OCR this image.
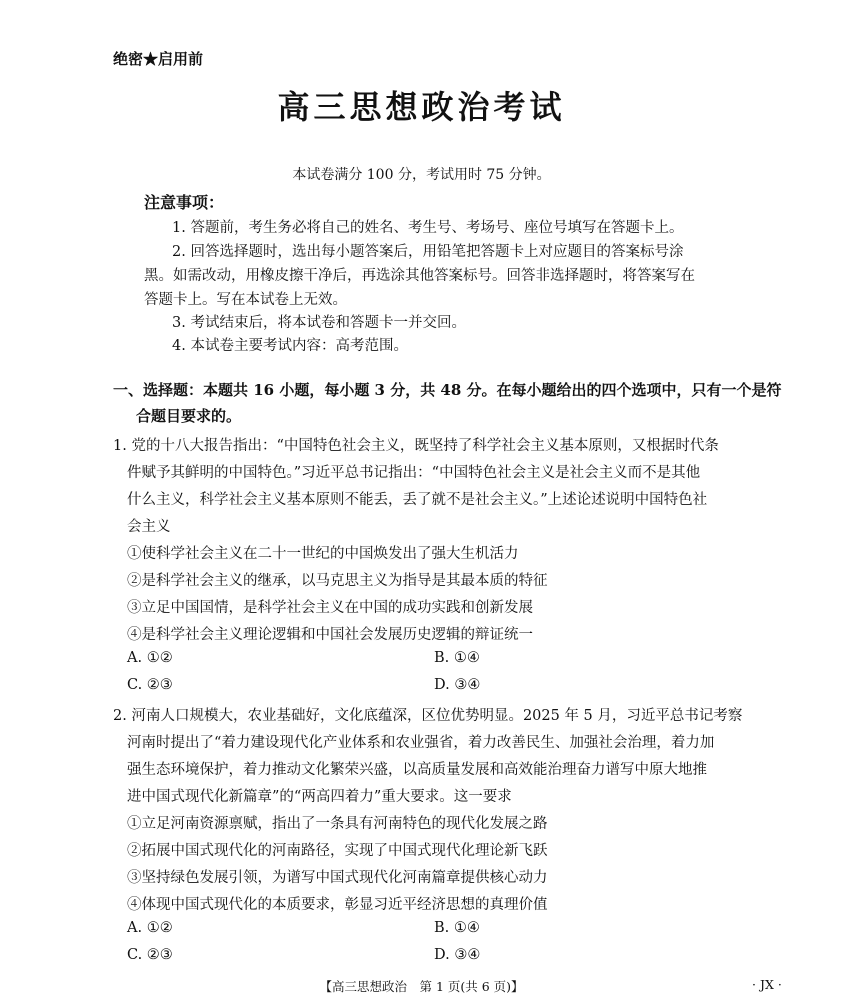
绝密★启用前
高三思想政治考试
本试卷满分 100 分，考试用时 75 分钟。
注意事项：
1. 答题前，考生务必将自己的姓名、考生号、考场号、座位号填写在答题卡上。
2. 回答选择题时，选出每小题答案后，用铅笔把答题卡上对应题目的答案标号涂
黑。如需改动，用橡皮擦干净后，再选涂其他答案标号。回答非选择题时，将答案写在
答题卡上。写在本试卷上无效。
3. 考试结束后，将本试卷和答题卡一并交回。
4. 本试卷主要考试内容：高考范围。
一、选择题：本题共 16 小题，每小题 3 分，共 48 分。在每小题给出的四个选项中，只有一个是符
合题目要求的。
1. 党的十八大报告指出：“中国特色社会主义，既坚持了科学社会主义基本原则，又根据时代条
件赋予其鲜明的中国特色。”习近平总书记指出：“中国特色社会主义是社会主义而不是其他
什么主义，科学社会主义基本原则不能丢，丢了就不是社会主义。”上述论述说明中国特色社
会主义
①使科学社会主义在二十一世纪的中国焕发出了强大生机活力
②是科学社会主义的继承，以马克思主义为指导是其最本质的特征
③立足中国国情，是科学社会主义在中国的成功实践和创新发展
④是科学社会主义理论逻辑和中国社会发展历史逻辑的辩证统一
A. ①②	B. ①④
C. ②③	D. ③④
2. 河南人口规模大，农业基础好，文化底蕴深，区位优势明显。2025 年 5 月，习近平总书记考察
河南时提出了“着力建设现代化产业体系和农业强省，着力改善民生、加强社会治理，着力加
强生态环境保护，着力推动文化繁荣兴盛，以高质量发展和高效能治理奋力谱写中原大地推
进中国式现代化新篇章”的“两高四着力”重大要求。这一要求
①立足河南资源禀赋，指出了一条具有河南特色的现代化发展之路
②拓展中国式现代化的河南路径，实现了中国式现代化理论新飞跃
③坚持绿色发展引领，为谱写中国式现代化河南篇章提供核心动力
④体现中国式现代化的本质要求，彰显习近平经济思想的真理价值
A. ①②	B. ①④
C. ②③	D. ③④
【高三思想政治　第 1 页(共 6 页)】	· JX ·
